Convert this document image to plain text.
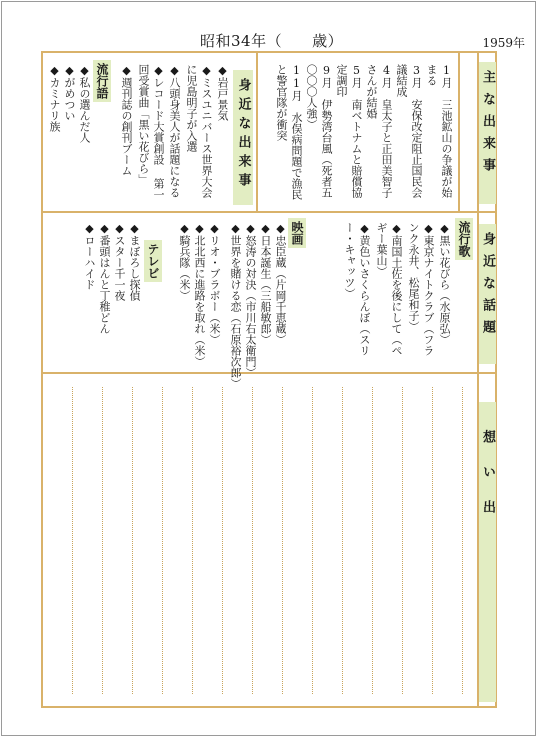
昭和34年（ 歳）	1959年
主な出来事
身近な話題
想い出
1月　三池鉱山の争議が始まる
3月　安保改定阻止国民会議結成
4月　皇太子と正田美智子さんが結婚
5月　南ベトナムと賠償協定調印
9月　伊勢湾台風（死者五〇〇〇人強）
11月　水俣病問題で漁民と警官隊が衝突
身近な出来事
◆岩戸景気
◆ミスユニバース世界大会に児島明子が入選
◆八頭身美人が話題になる
◆レコード大賞創設 第一回受賞曲「黒い花びら」
◆週刊誌の創刊ブーム
流行語
◆私の選んだ人
◆がめつい
◆カミナリ族
流行歌
◆黒い花びら（水原弘）
◆東京ナイトクラブ（フランク永井、松尾和子）
◆南国土佐を後にして（ペギー葉山）
◆黄色いさくらんぼ（スリー・キャッツ）
映画
◆忠臣蔵（片岡千恵蔵）
◆日本誕生（三船敏郎）
◆怒涛の対決（市川右太衛門）
◆世界を賭ける恋（石原裕次郎）
◆リオ・ブラボー（米）
◆北北西に進路を取れ（米）
◆騎兵隊（米）
テレビ
◆まぼろし探偵
◆スター千一夜
◆番頭はんと丁稚どん
◆ローハイド
